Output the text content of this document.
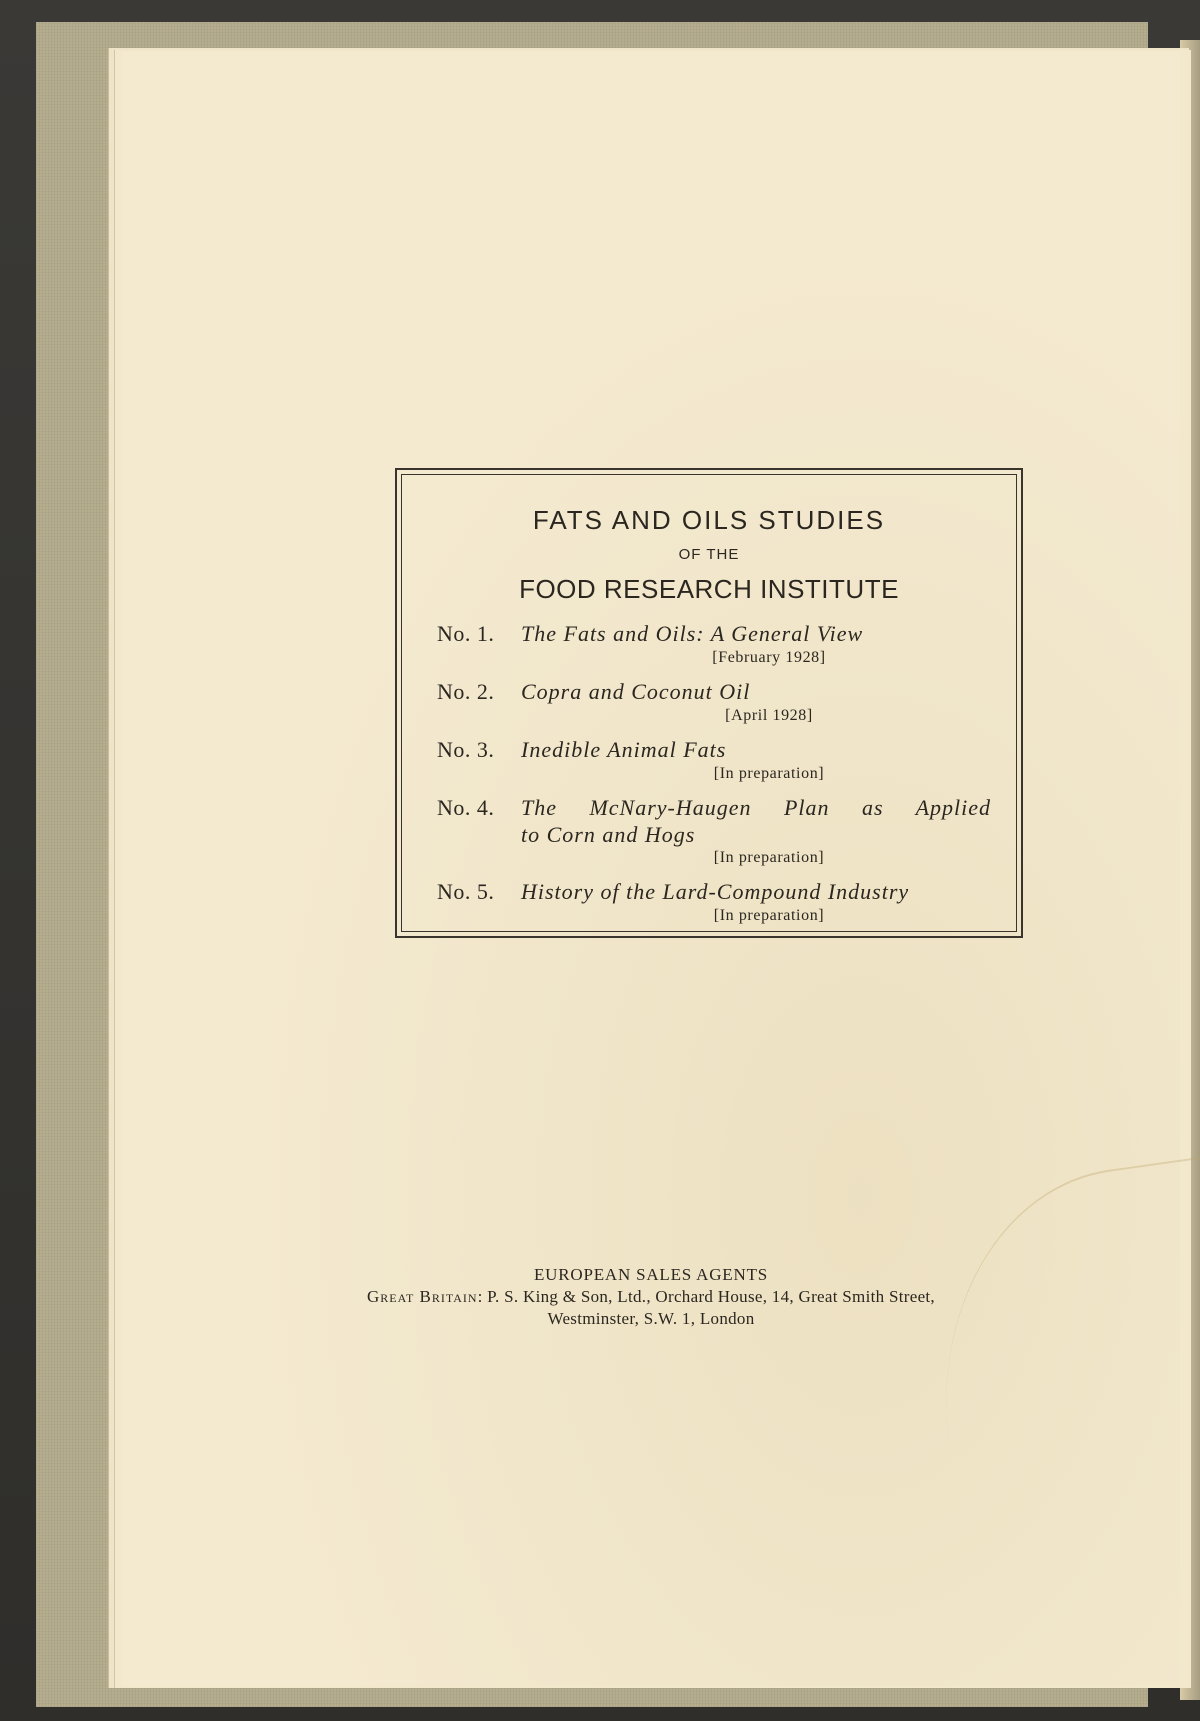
FATS AND OILS STUDIES
OF THE
FOOD RESEARCH INSTITUTE
No. 1.	The Fats and Oils: A General View
[February 1928]
No. 2.	Copra and Coconut Oil
[April 1928]
No. 3.	Inedible Animal Fats
[In preparation]
No. 4.	The McNary-Haugen Plan as Applied
to Corn and Hogs
[In preparation]
No. 5.	History of the Lard-Compound Industry
[In preparation]
EUROPEAN SALES AGENTS
Great Britain: P. S. King & Son, Ltd., Orchard House, 14, Great Smith Street,
Westminster, S.W. 1, London
